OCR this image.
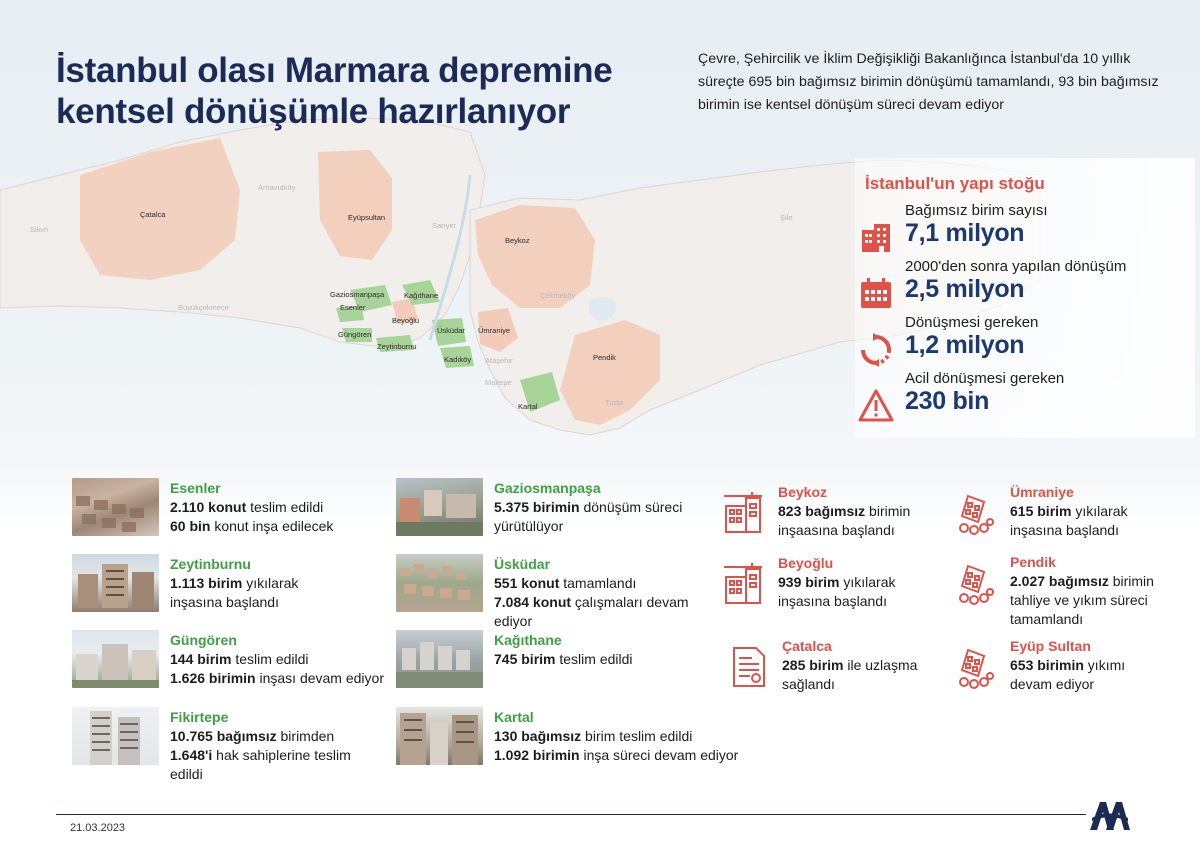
Silivri
Çatalca
Arnavutköy
Eyüpsultan
Beykoz
Gaziosmanpaşa	Kağıthane
Esenler
Beyoğlu
Güngören
Zeytinburnu
Üsküdar Ümraniye
Kadıköy
Çekmeköy
Ataşehir
Maltepe
Pendik
Kartal	Tuzla
Büyükçekmece
Sarıyer
Şile
İstanbul olası Marmara depremine
kentsel dönüşümle hazırlanıyor
Çevre, Şehircilik ve İklim Değişikliği Bakanlığınca İstanbul'da 10 yıllık süreçte 695 bin bağımsız birimin dönüşümü tamamlandı, 93 bin bağımsız birimin ise kentsel dönüşüm süreci devam ediyor
İstanbul'un yapı stoğu
Bağımsız birim sayısı
7,1 milyon
2000'den sonra yapılan dönüşüm
2,5 milyon
Dönüşmesi gereken
1,2 milyon
Acil dönüşmesi gereken
230 bin
Esenler
2.110 konut teslim edildi
60 bin konut inşa edilecek
Zeytinburnu
1.113 birim yıkılarak
inşasına başlandı
Güngören
144 birim teslim edildi
1.626 birimin inşası devam ediyor
Fikirtepe
10.765 bağımsız birimden
1.648'i hak sahiplerine teslim
edildi
Gaziosmanpaşa
5.375 birimin dönüşüm süreci
yürütülüyor
Üsküdar
551 konut tamamlandı
7.084 konut çalışmaları devam
ediyor
Kağıthane
745 birim teslim edildi
Kartal
130 bağımsız birim teslim edildi
1.092 birimin inşa süreci devam ediyor
Beykoz
823 bağımsız birimin
inşaasına başlandı
Beyoğlu
939 birim yıkılarak
inşasına başlandı
Çatalca
285 birim ile uzlaşma
sağlandı
Ümraniye
615 birim yıkılarak
inşasına başlandı
Pendik
2.027 bağımsız birimin
tahliye ve yıkım süreci
tamamlandı
Eyüp Sultan
653 birimin yıkımı
devam ediyor
21.03.2023
